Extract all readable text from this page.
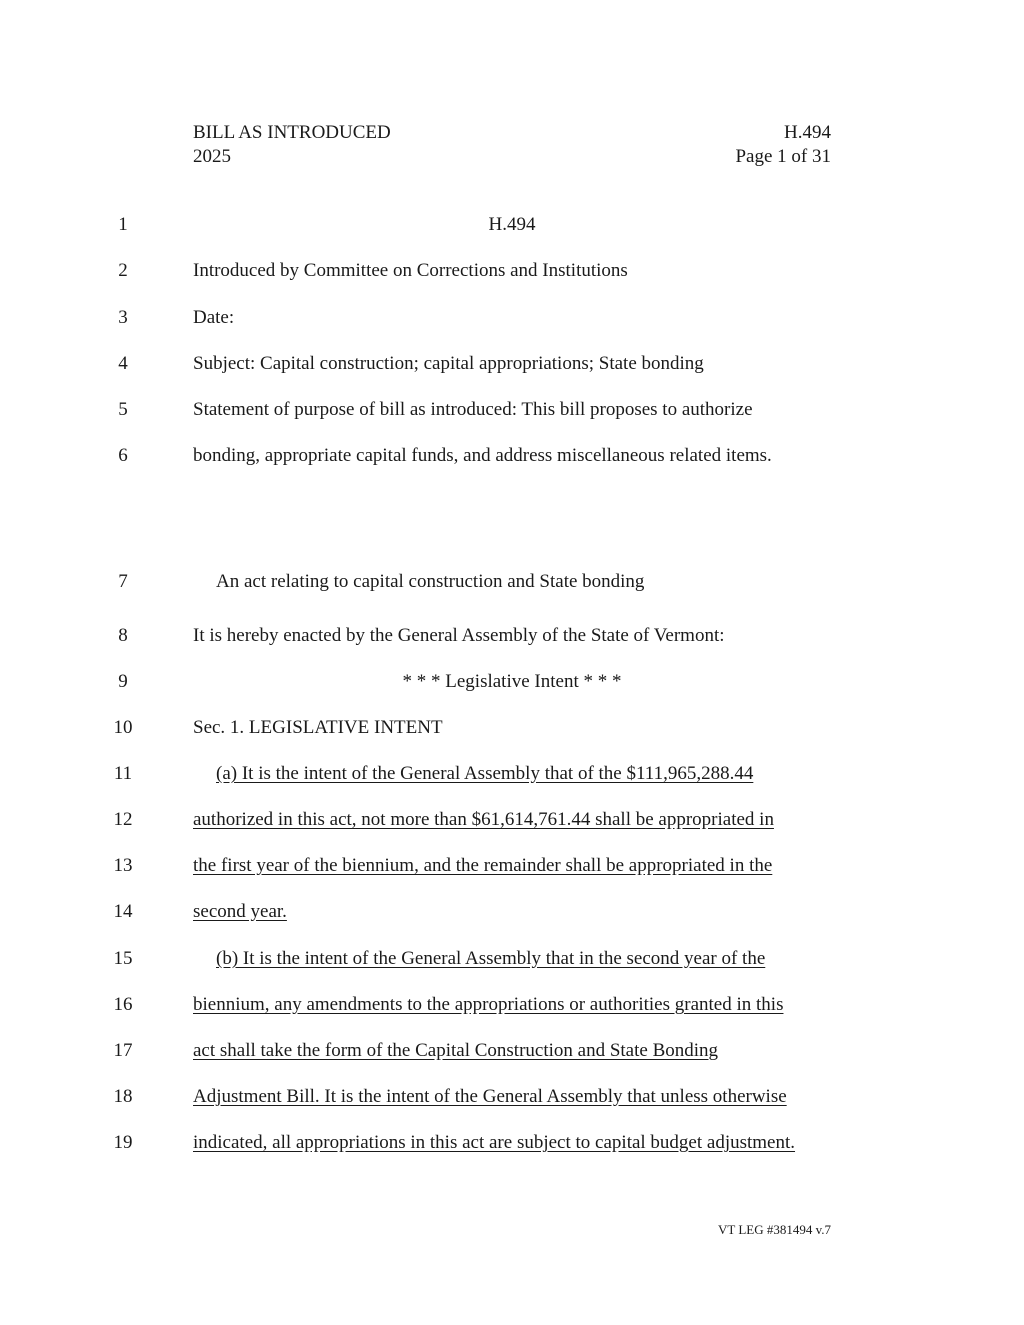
BILL AS INTRODUCED	H.494
2025	Page 1 of 31
1	H.494
2	Introduced by Committee on Corrections and Institutions
3	Date:
4	Subject: Capital construction; capital appropriations; State bonding
5	Statement of purpose of bill as introduced: This bill proposes to authorize
6	bonding, appropriate capital funds, and address miscellaneous related items.
7	An act relating to capital construction and State bonding
8	It is hereby enacted by the General Assembly of the State of Vermont:
9	* * * Legislative Intent * * *
10	Sec. 1. LEGISLATIVE INTENT
11	(a) It is the intent of the General Assembly that of the $111,965,288.44
12	authorized in this act, not more than $61,614,761.44 shall be appropriated in
13	the first year of the biennium, and the remainder shall be appropriated in the
14	second year.
15	(b) It is the intent of the General Assembly that in the second year of the
16	biennium, any amendments to the appropriations or authorities granted in this
17	act shall take the form of the Capital Construction and State Bonding
18	Adjustment Bill. It is the intent of the General Assembly that unless otherwise
19	indicated, all appropriations in this act are subject to capital budget adjustment.
VT LEG #381494 v.7
